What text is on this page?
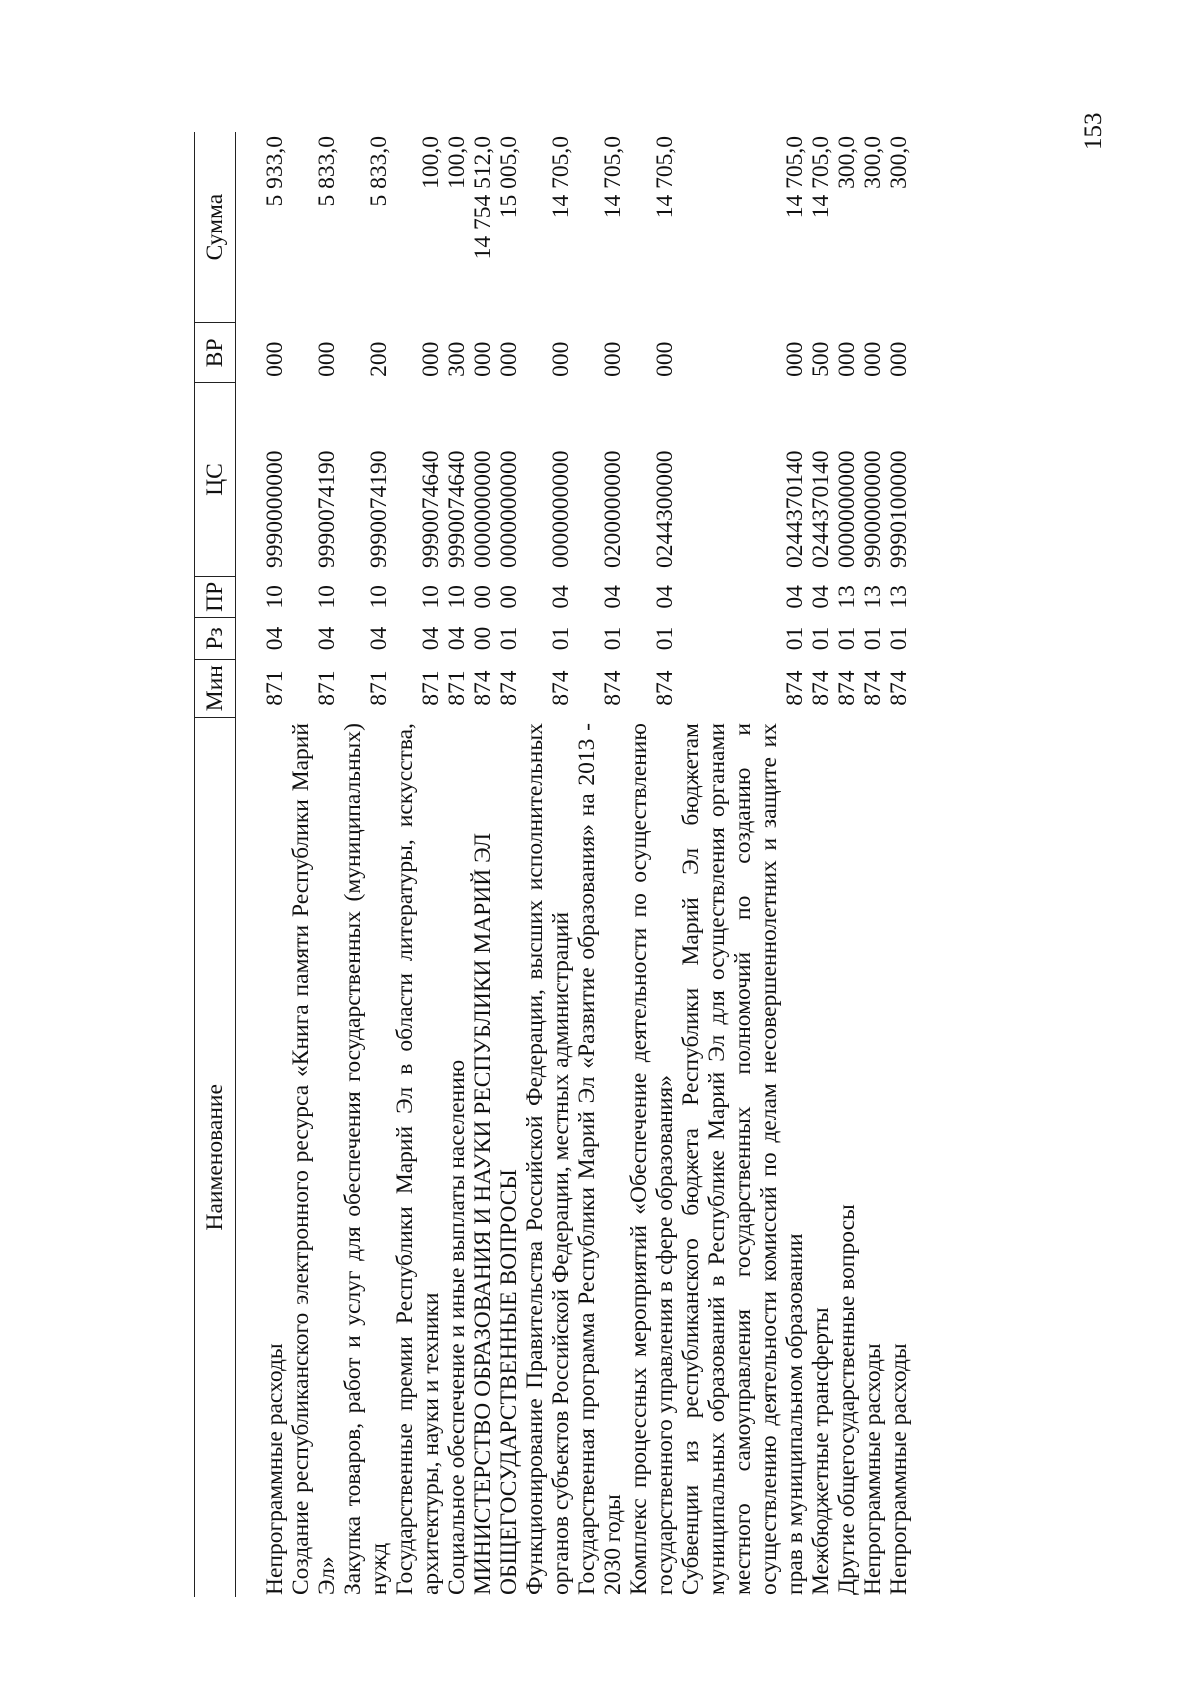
153
Наименование	Мин	Рз	ПР	ЦС	ВР	Сумма

Непрограммные расходы	871	04	10	9990000000	000	5 933,0
Создание республиканского электронного ресурса «Книга памяти Республики Марий Эл»	871	04	10	9990074190	000	5 833,0
Закупка товаров, работ и услуг для обеспечения государственных (муниципальных) нужд	871	04	10	9990074190	200	5 833,0
Государственные премии Республики Марий Эл в области литературы, искусства, архитектуры, науки и техники	871	04	10	9990074640	000	100,0
Социальное обеспечение и иные выплаты населению	871	04	10	9990074640	300	100,0
МИНИСТЕРСТВО ОБРАЗОВАНИЯ И НАУКИ РЕСПУБЛИКИ МАРИЙ ЭЛ	874	00	00	0000000000	000	14 754 512,0
ОБЩЕГОСУДАРСТВЕННЫЕ ВОПРОСЫ	874	01	00	0000000000	000	15 005,0
Функционирование Правительства Российской Федерации, высших исполнительных органов субъектов Российской Федерации, местных администраций	874	01	04	0000000000	000	14 705,0
Государственная программа Республики Марий Эл «Развитие образования» на 2013 - 2030 годы	874	01	04	0200000000	000	14 705,0
Комплекс процессных мероприятий «Обеспечение деятельности по осуществлению государственного управления в сфере образования»	874	01	04	0244300000	000	14 705,0
Субвенции из республиканского бюджета Республики Марий Эл бюджетам муниципальных образований в Республике Марий Эл для осуществления органами местного самоуправления государственных полномочий по созданию и осуществлению деятельности комиссий по делам несовершеннолетних и защите их прав в муниципальном образовании	874	01	04	0244370140	000	14 705,0
Межбюджетные трансферты	874	01	04	0244370140	500	14 705,0
Другие общегосударственные вопросы	874	01	13	0000000000	000	300,0
Непрограммные расходы	874	01	13	9900000000	000	300,0
Непрограммные расходы	874	01	13	9990100000	000	300,0
